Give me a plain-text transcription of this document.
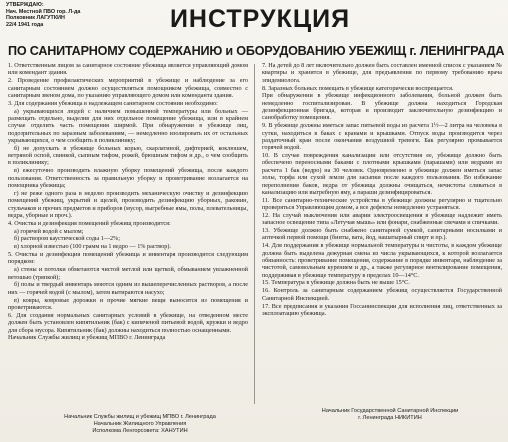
УТВЕРЖДАЮ:
Нач. Местной ПВО гор. Л-да
Полковник ЛАГУТКИН
22/4 1941 года	ИНСТРУКЦИЯ
ПО САНИТАРНОМУ СОДЕРЖАНИЮ и ОБОРУДОВАНИЮ УБЕЖИЩ г. ЛЕНИНГРАДА

1. Ответственным лицом за санитарное состояние убежища является управляющий домом или комендант здания.

2. Проведение профилактических мероприятий в убежище и наблюдение за его санитарным состоянием должно осуществляться помощником убежища, совместно с санитарным звеном дома, по указанию управляющего домом или коменданта здания.

3. Для содержания убежища в надлежащем санитарном состоянии необходимо:

а) укрывающихся людей с наличием повышенной температуры или больных — размещать отдельно, выделив для них отдельное помещение убежища, или в крайнем случае отделить часть помещения ширмой. При обнаружении в убежище лиц, подозрительных по заразным заболеваниям, — немедленно изолировать их от остальных укрывающихся, о чем сообщить в поликлинику;

б) не допускать в убежище больных корью, скарлатиной, дифтерией, коклюшем, ветряной оспой, свинкой, сыпным тифом, рожей, брюшным тифом и др., о чем сообщить в поликлинику;

в) ежесуточно производить влажную уборку помещений убежища, после каждого пользования. Ответственность за правильную уборку и проветривание возлагается на помощника убежища;

г) не реже одного раза в неделю производить механическую очистку и дезинфекцию помещений убежищ, укрытий и щелей, производить дезинфекцию уборных, раковин, стульчаков и прочих предметов и приборов (мусор, выгребные ямы, полы, плевательницы, ведра, уборные и проч.).

4. Очистка и дезинфекция помещений убежищ производится:

а) горячей водой с мылом;

б) раствором каустической соды 1—2%;

в) хлорной известью (100 грамм на 1 ведро — 1% раствор).

5. Очистка и дезинфекция помещений убежища и инвентаря производится следующим порядком:

а) стены и потолки обметаются чистой метлой или щеткой, обмыванием увлажненной ветошью (тряпкой);

б) полы и твердый инвентарь моются одним из вышеперечисленных растворов, а после них — горячей водой (с мылом), затем вытираются насухо;

в) ковры, ковровые дорожки и прочие мягкие вещи выносятся из помещения и проветриваются.

6. Для создания нормальных санитарных условий в убежище, на отведенном месте должен быть установлен кипятильник (бак) с кипяченой питьевой водой, кружки и ведро для сбора мусора. Кипятильник (бак) должны находиться полностью оснащенными.

Начальник Службы жилищ и убежищ МПВО г. Ленинграда

7. На детей до 8 лет включительно должен быть составлен именной список с указанием № квартиры и хранится в убежище, для предъявления по первому требованию врача эпидемиолога.

8. Заразных больных помещать в убежище категорически воспрещается.

При обнаружении в убежище инфекционного заболевания, больной должен быть немедленно госпитализирован. В убежище должна находиться Городская дезинфекционная бригада, которая и производит заключительную дезинфекцию и санобработку помещения.

9. В убежище должны иметься запас питьевой воды из расчета 1½—2 литра на человека в сутки, находиться в баках с кранами и крышками. Отпуск воды производится через раздаточный кран после окончания воздушной тревоги. Бак регулярно промывается горячей водой.

10. В случае повреждения канализации или отсутствия ее, убежище должно быть обеспечено переносными баками с плотными крышками (парашами) или ведрами из расчета 1 бак (ведро) на 30 человек. Одновременно в убежище должен иметься запас золы, торфа или сухой земли для засыпки после каждого пользования. Во избежание переполнения баков, ведра от убежища должны очищаться, нечистоты сливаться в канализацию или выгребную яму, а параши дезинфицироваться.

11. Все санитарно-технические устройства в убежище должны регулярно и тщательно проверяться Управляющим домом, а все дефекты немедленно устраняться.

12. На случай выключения или аварии электроосвещения в убежище надлежит иметь запасное освещение типа «Летучая мышь» или фонари, снабженные свечами и спичками.

13. Убежище должно быть снабжено санитарной сумкой, санитарными носилками и аптечкой первой помощи (бинты, вата, йод, нашатырный спирт и пр.).

14. Для поддержания в убежище нормальной температуры и чистоты, в каждом убежище должна быть выделена дежурная смена из числа укрывающихся, к которой возлагается обязанность: проветривание помещения, содержание в порядке инвентаря, наблюдение за чистотой, самовольным курением и др., а также регулярное вентилирование помещения, поддерживая в убежище температуру в пределах 10—14°С.

15. Температура в убежище должна быть не выше 15°С.

16. Контроль за санитарным содержанием убежищ осуществляется Государственной Санитарной Инспекцией.

17. Все предписания и указания Госсанинспекции для исполнения лиц, ответственных за эксплоатацию убежища.

Начальник Службы жилищ и убежищ МПВО г. Ленинграда
Начальник Жилищного Управления
Исполкома Ленгорсовета: ХАНУТИН
Начальник Государственной Санитарной Инспекции
г. Ленинграда НИКИТИН
